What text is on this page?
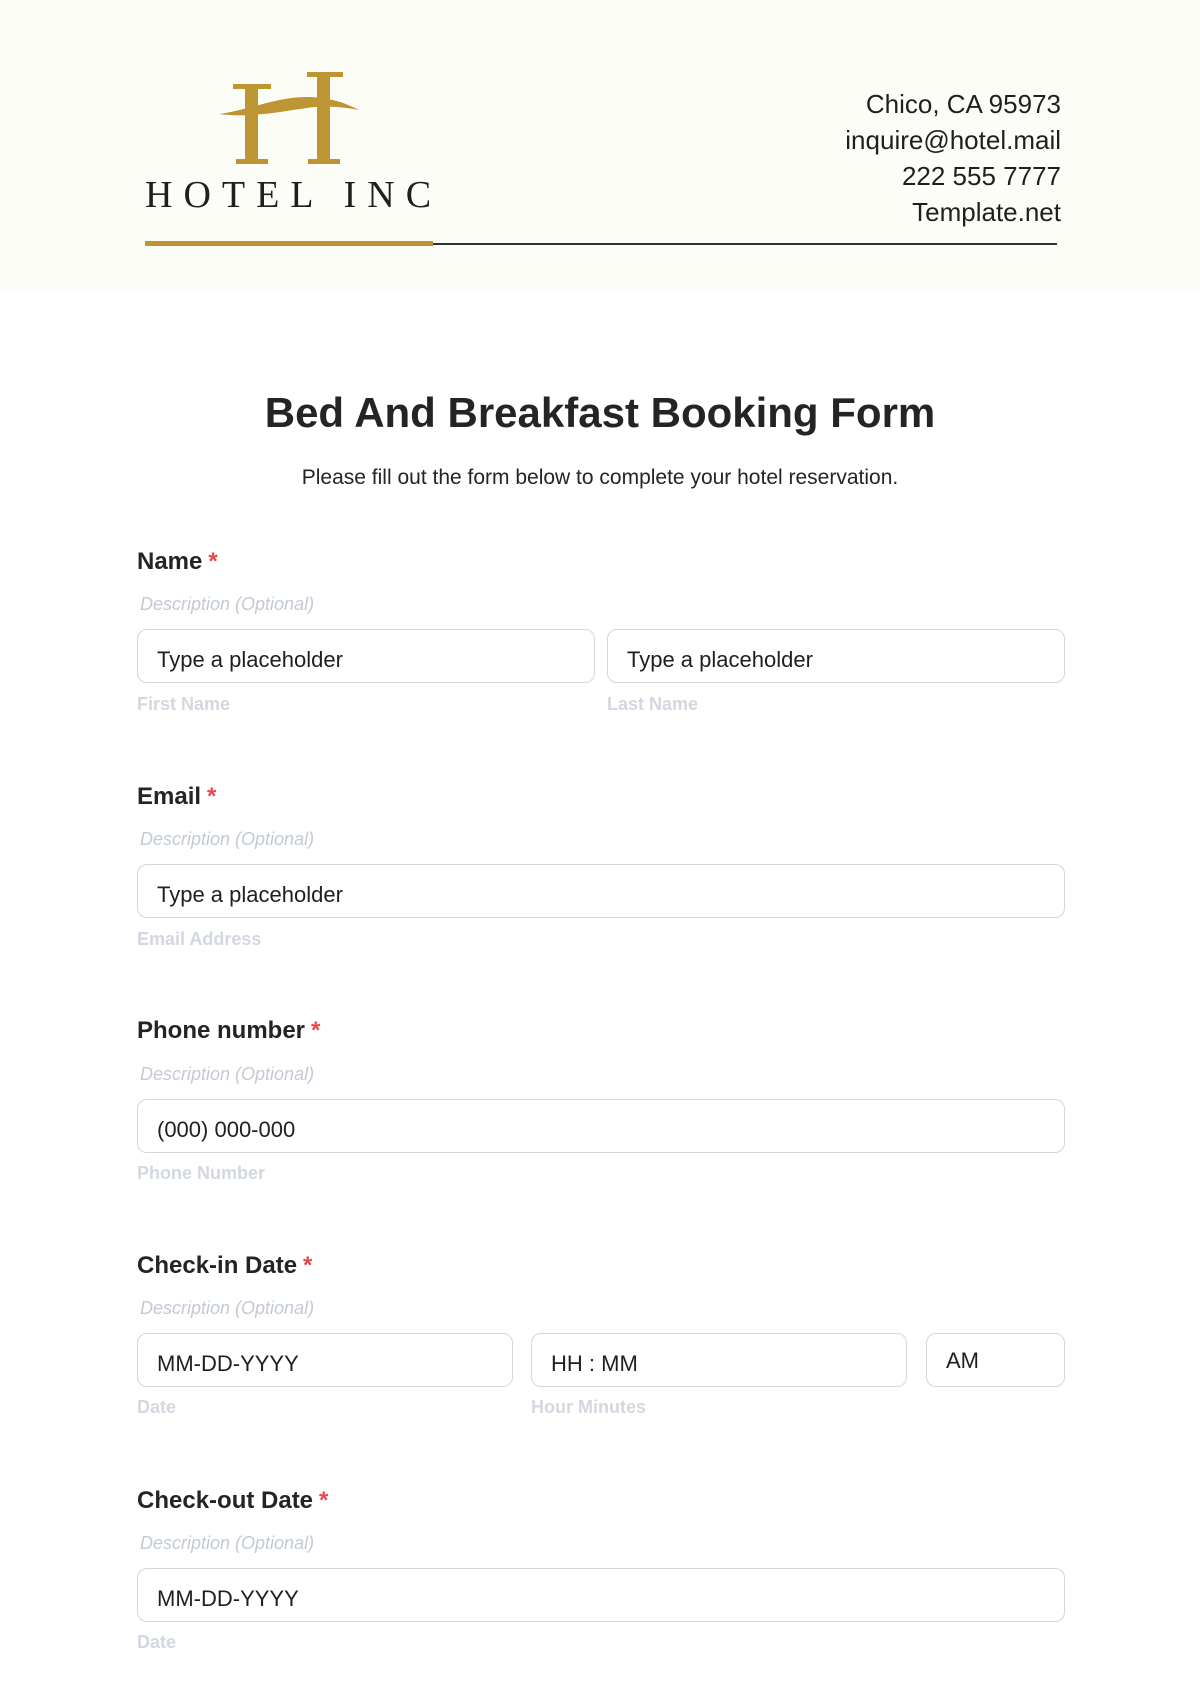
HOTEL INC
Chico, CA 95973
inquire@hotel.mail
222 555 7777
Template.net
Bed And Breakfast Booking Form
Please fill out the form below to complete your hotel reservation.
Name *
Description (Optional)
Type a placeholder	Type a placeholder
First Name	Last Name
Email *
Description (Optional)
Type a placeholder
Email Address
Phone number *
Description (Optional)
(000) 000-000
Phone Number
Check-in Date *
Description (Optional)
MM-DD-YYYY	HH : MM	AM
Date	Hour Minutes
Check-out Date *
Description (Optional)
MM-DD-YYYY
Date
